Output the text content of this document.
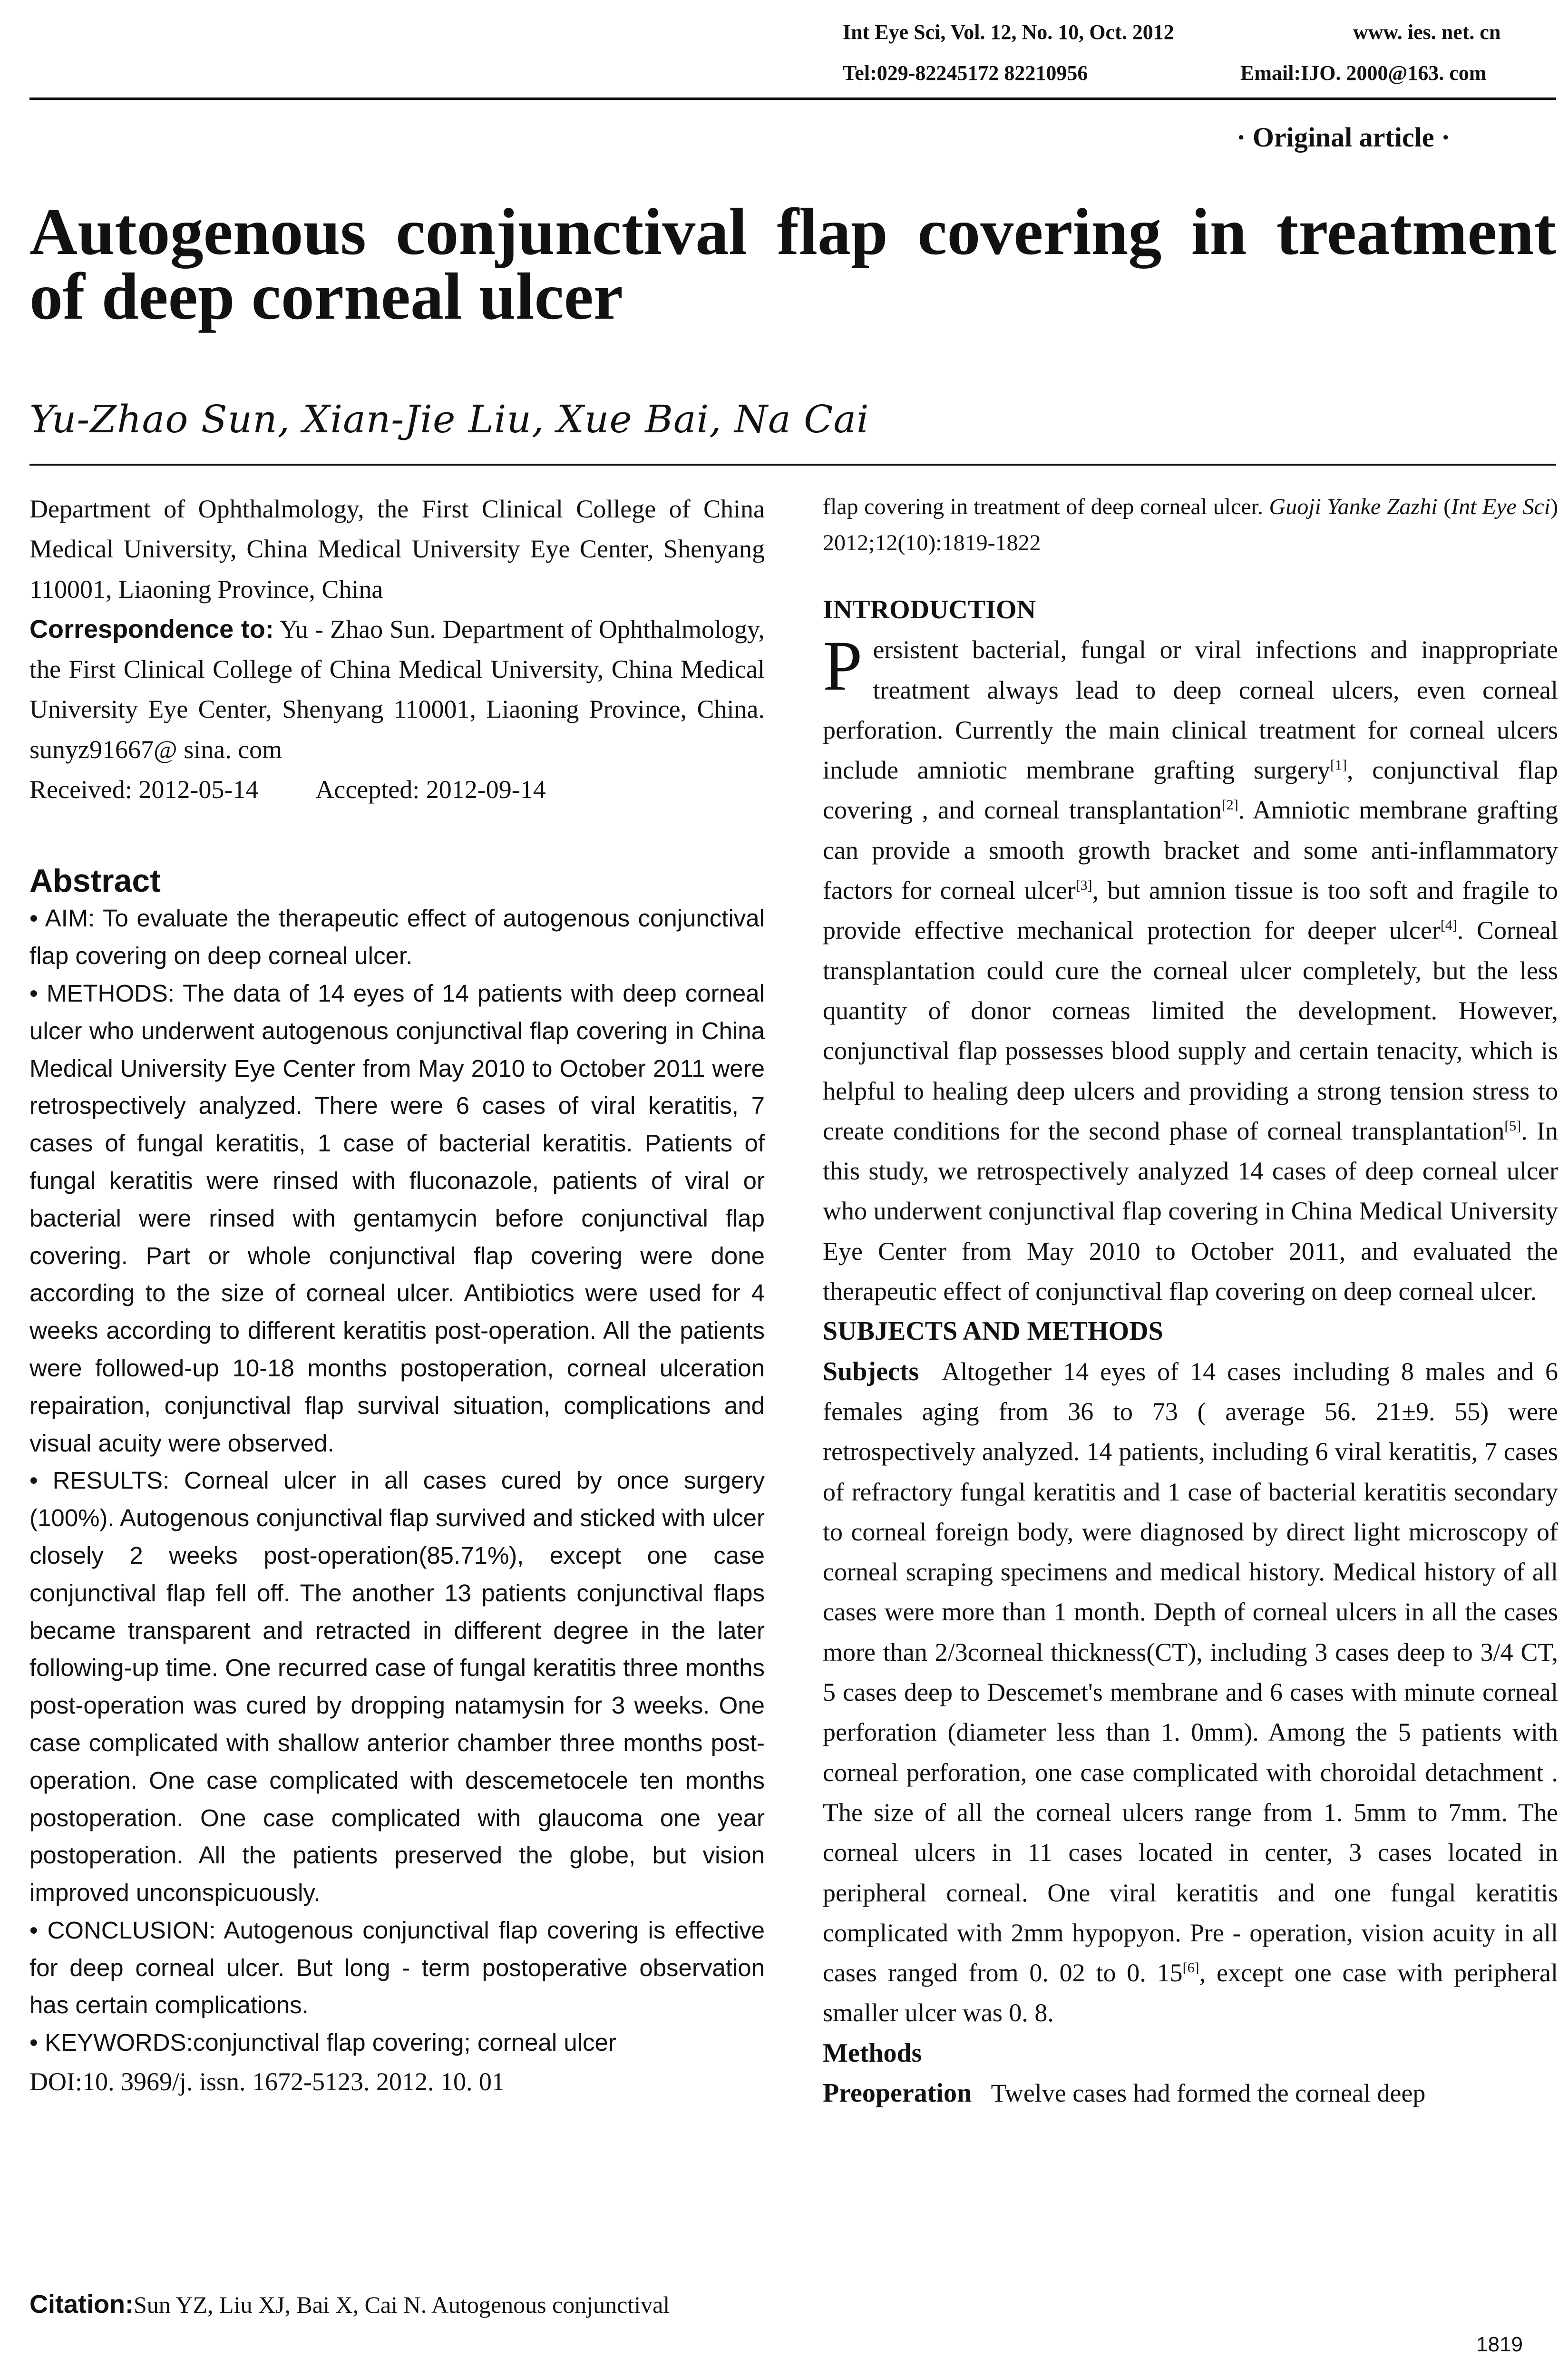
Int Eye Sci, Vol. 12, No. 10, Oct. 2012	www. ies. net. cn
Tel:029-82245172 82210956	Email:IJO. 2000@163. com
· Original article ·
Autogenous conjunctival flap covering in treatment of deep corneal ulcer
Yu-Zhao Sun, Xian-Jie Liu, Xue Bai, Na Cai

Department of Ophthalmology, the First Clinical College of China Medical University, China Medical University Eye Center, Shenyang 110001, Liaoning Province, China

Correspondence to: Yu - Zhao Sun. Department of Ophthalmology, the First Clinical College of China Medical University, China Medical University Eye Center, Shenyang 110001, Liaoning Province, China. sunyz91667@ sina. com

Received: 2012-05-14 Accepted: 2012-09-14

Abstract

• AIM: To evaluate the therapeutic effect of autogenous conjunctival flap covering on deep corneal ulcer.

• METHODS: The data of 14 eyes of 14 patients with deep corneal ulcer who underwent autogenous conjunctival flap covering in China Medical University Eye Center from May 2010 to October 2011 were retrospectively analyzed. There were 6 cases of viral keratitis, 7 cases of fungal keratitis, 1 case of bacterial keratitis. Patients of fungal keratitis were rinsed with fluconazole, patients of viral or bacterial were rinsed with gentamycin before conjunctival flap covering. Part or whole conjunctival flap covering were done according to the size of corneal ulcer. Antibiotics were used for 4 weeks according to different keratitis post-operation. All the patients were followed-up 10-18 months postoperation, corneal ulceration repairation, conjunctival flap survival situation, complications and visual acuity were observed.

• RESULTS: Corneal ulcer in all cases cured by once surgery (100%). Autogenous conjunctival flap survived and sticked with ulcer closely 2 weeks post-operation(85.71%), except one case conjunctival flap fell off. The another 13 patients conjunctival flaps became transparent and retracted in different degree in the later following-up time. One recurred case of fungal keratitis three months post-operation was cured by dropping natamysin for 3 weeks. One case complicated with shallow anterior chamber three months post-operation. One case complicated with descemetocele ten months postoperation. One case complicated with glaucoma one year postoperation. All the patients preserved the globe, but vision improved unconspicuously.

• CONCLUSION: Autogenous conjunctival flap covering is effective for deep corneal ulcer. But long - term postoperative observation has certain complications.

• KEYWORDS:conjunctival flap covering; corneal ulcer

DOI:10. 3969/j. issn. 1672-5123. 2012. 10. 01
Citation:Sun YZ, Liu XJ, Bai X, Cai N. Autogenous conjunctival
flap covering in treatment of deep corneal ulcer. Guoji Yanke Zazhi (Int Eye Sci) 2012;12(10):1819-1822
INTRODUCTION
Persistent bacterial, fungal or viral infections and inappropriate treatment always lead to deep corneal ulcers, even corneal perforation. Currently the main clinical treatment for corneal ulcers include amniotic membrane grafting surgery[1], conjunctival flap covering , and corneal transplantation[2]. Amniotic membrane grafting can provide a smooth growth bracket and some anti-inflammatory factors for corneal ulcer[3], but amnion tissue is too soft and fragile to provide effective mechanical protection for deeper ulcer[4]. Corneal transplantation could cure the corneal ulcer completely, but the less quantity of donor corneas limited the development. However, conjunctival flap possesses blood supply and certain tenacity, which is helpful to healing deep ulcers and providing a strong tension stress to create conditions for the second phase of corneal transplantation[5]. In this study, we retrospectively analyzed 14 cases of deep corneal ulcer who underwent conjunctival flap covering in China Medical University Eye Center from May 2010 to October 2011, and evaluated the therapeutic effect of conjunctival flap covering on deep corneal ulcer.
SUBJECTS AND METHODS
Subjects Altogether 14 eyes of 14 cases including 8 males and 6 females aging from 36 to 73 ( average 56. 21±9. 55) were retrospectively analyzed. 14 patients, including 6 viral keratitis, 7 cases of refractory fungal keratitis and 1 case of bacterial keratitis secondary to corneal foreign body, were diagnosed by direct light microscopy of corneal scraping specimens and medical history. Medical history of all cases were more than 1 month. Depth of corneal ulcers in all the cases more than 2/3corneal thickness(CT), including 3 cases deep to 3/4 CT, 5 cases deep to Descemet's membrane and 6 cases with minute corneal perforation (diameter less than 1. 0mm). Among the 5 patients with corneal perforation, one case complicated with choroidal detachment . The size of all the corneal ulcers range from 1. 5mm to 7mm. The corneal ulcers in 11 cases located in center, 3 cases located in peripheral corneal. One viral keratitis and one fungal keratitis complicated with 2mm hypopyon. Pre - operation, vision acuity in all cases ranged from 0. 02 to 0. 15[6], except one case with peripheral smaller ulcer was 0. 8.
Methods
Preoperation Twelve cases had formed the corneal deep
1819
